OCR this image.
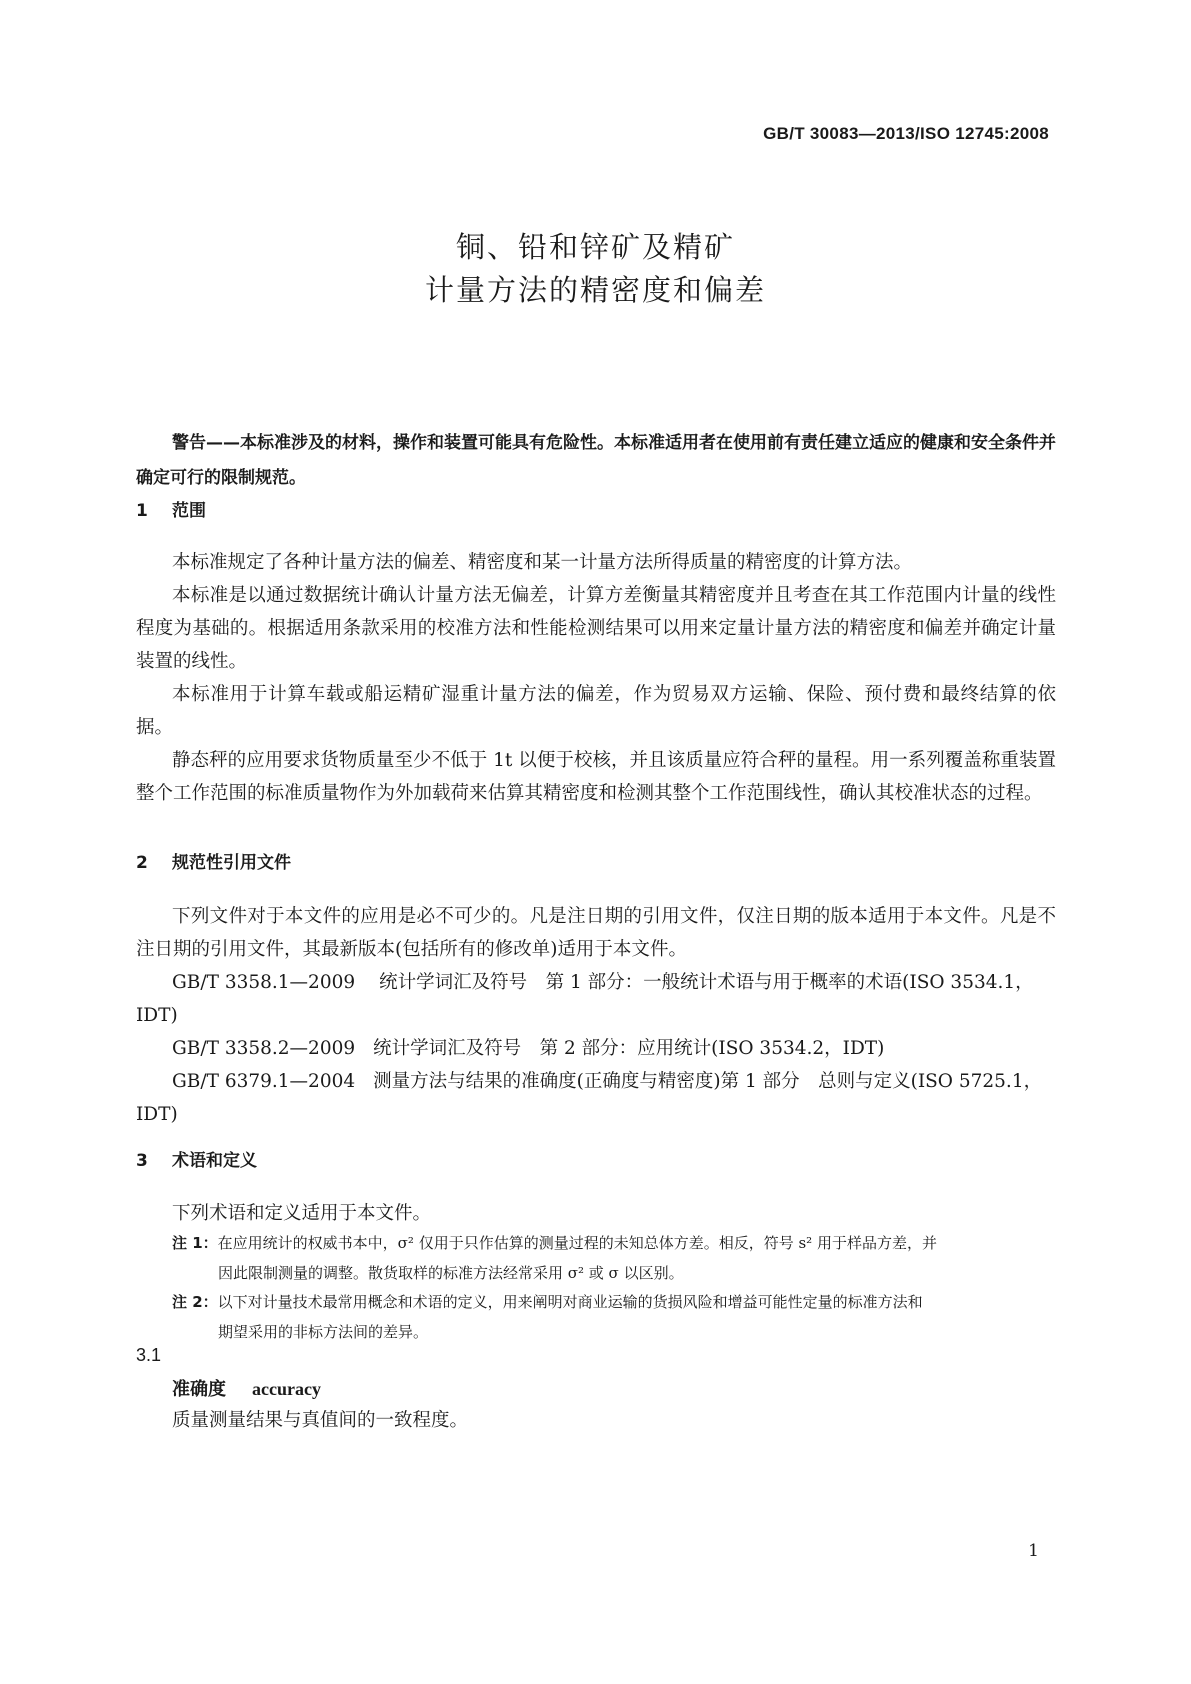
GB/T 30083—2013/ISO 12745:2008
铜、铅和锌矿及精矿
计量方法的精密度和偏差
警告——本标准涉及的材料，操作和装置可能具有危险性。本标准适用者在使用前有责任建立适应的健康和安全条件并确定可行的限制规范。
1 范围
本标准规定了各种计量方法的偏差、精密度和某一计量方法所得质量的精密度的计算方法。
本标准是以通过数据统计确认计量方法无偏差，计算方差衡量其精密度并且考查在其工作范围内计量的线性程度为基础的。根据适用条款采用的校准方法和性能检测结果可以用来定量计量方法的精密度和偏差并确定计量装置的线性。
本标准用于计算车载或船运精矿湿重计量方法的偏差，作为贸易双方运输、保险、预付费和最终结算的依据。
静态秤的应用要求货物质量至少不低于 1t 以便于校核，并且该质量应符合秤的量程。用一系列覆盖称重装置整个工作范围的标准质量物作为外加载荷来估算其精密度和检测其整个工作范围线性，确认其校准状态的过程。
2 规范性引用文件
下列文件对于本文件的应用是必不可少的。凡是注日期的引用文件，仅注日期的版本适用于本文件。凡是不注日期的引用文件，其最新版本(包括所有的修改单)适用于本文件。
GB/T 3358.1—2009 统计学词汇及符号　第 1 部分：一般统计术语与用于概率的术语(ISO 3534.1，IDT)
GB/T 3358.2—2009 统计学词汇及符号　第 2 部分：应用统计(ISO 3534.2，IDT)
GB/T 6379.1—2004 测量方法与结果的准确度(正确度与精密度)第 1 部分　总则与定义(ISO 5725.1，IDT)
3 术语和定义
下列术语和定义适用于本文件。
注 1：在应用统计的权威书本中，σ² 仅用于只作估算的测量过程的未知总体方差。相反，符号 s² 用于样品方差，并
因此限制测量的调整。散货取样的标准方法经常采用 σ² 或 σ 以区别。
注 2：以下对计量技术最常用概念和术语的定义，用来阐明对商业运输的货损风险和增益可能性定量的标准方法和
期望采用的非标方法间的差异。
3.1
准确度 accuracy
质量测量结果与真值间的一致程度。
1
